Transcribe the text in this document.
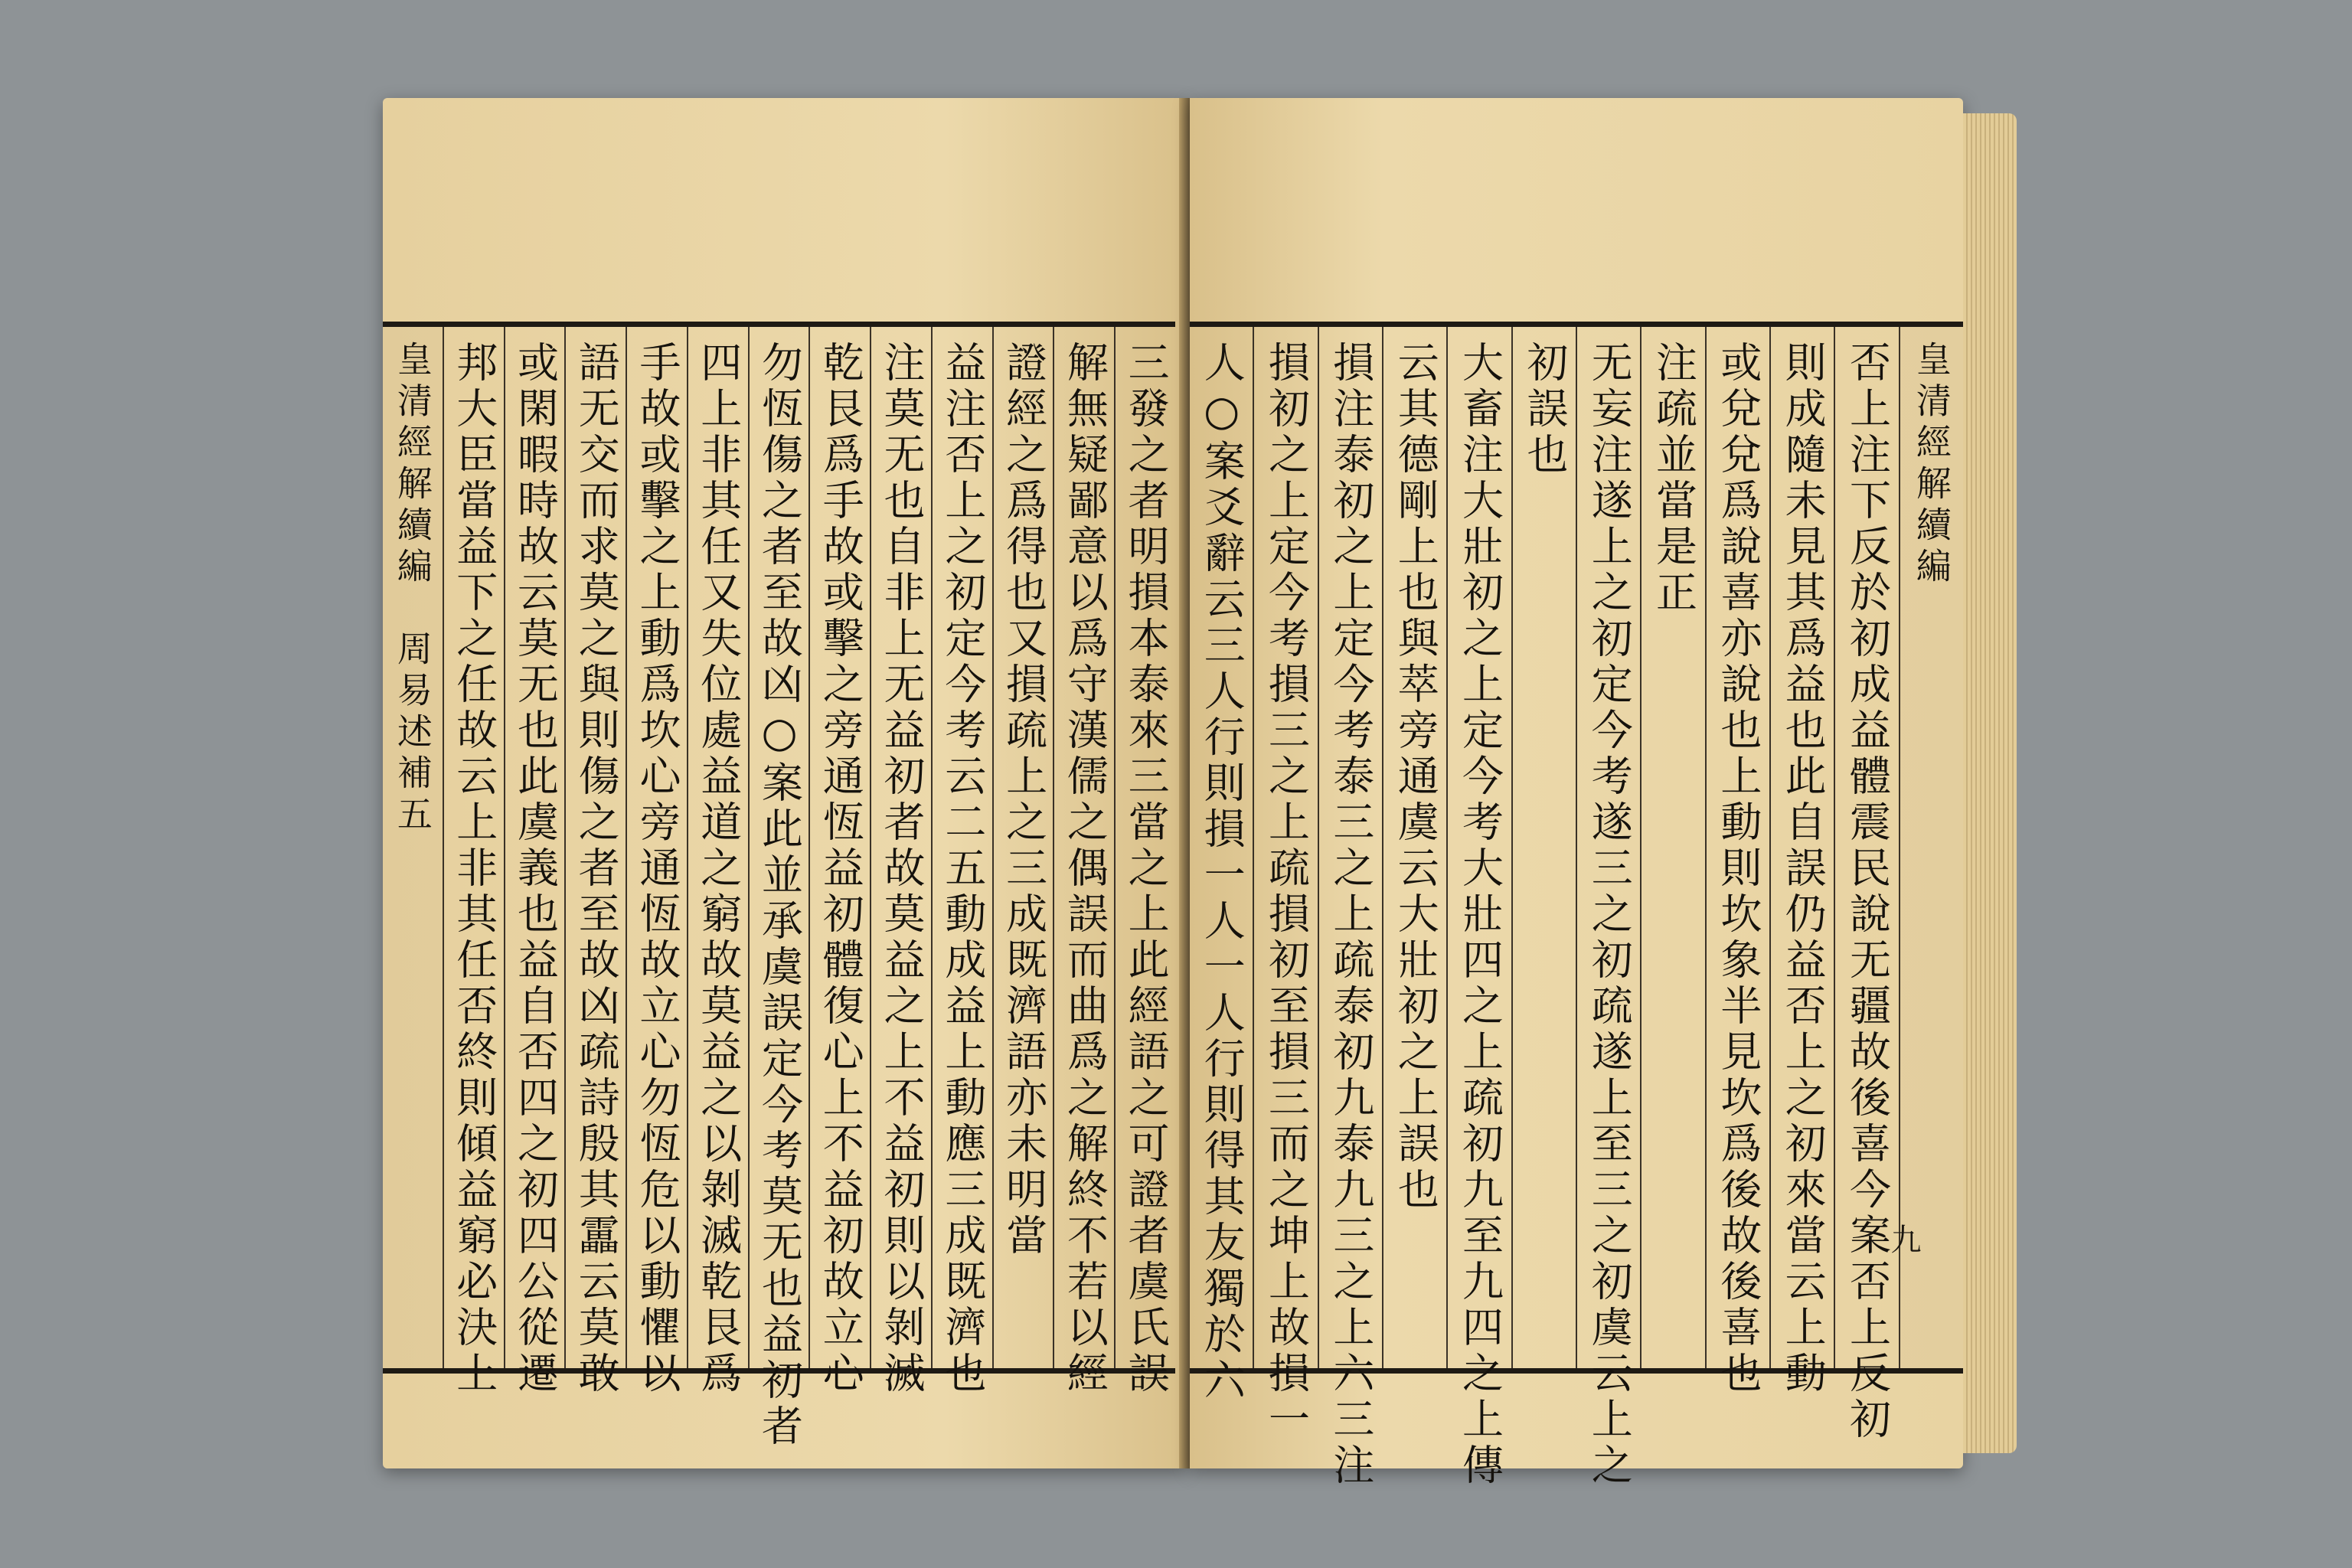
三發之者明損本泰來三當之上此經語之可證者虞氏誤
解無疑鄙意以爲守漢儒之偶誤而曲爲之解終不若以經
證經之爲得也又損疏上之三成既濟語亦未明當
益注否上之初定今考云二五動成益上動應三成既濟也
注莫无也自非上无益初者故莫益之上不益初則以剝滅
乾艮爲手故或擊之旁通恆益初體復心上不益初故立心
勿恆傷之者至故凶○案此並承虞誤定今考莫无也益初者
四上非其任又失位處益道之窮故莫益之以剝滅乾艮爲
手故或擊之上動爲坎心旁通恆故立心勿恆危以動懼以
語无交而求莫之與則傷之者至故凶疏詩殷其靁云莫敢
或閑暇時故云莫无也此虞義也益自否四之初四公從遷
邦大臣當益下之任故云上非其任否終則傾益窮必決上
皇清經解續編　周易述補五
皇清經解續編
否上注下反於初成益體震民說无疆故後喜今案否上反初
則成隨未見其爲益也此自誤仍益否上之初來當云上動
或兌兌爲說喜亦說也上動則坎象半見坎爲後故後喜也
注疏並當是正
无妄注遂上之初定今考遂三之初疏遂上至三之初虞云上之
初誤也
大畜注大壯初之上定今考大壯四之上疏初九至九四之上傳
云其德剛上也與萃旁通虞云大壯初之上誤也
損注泰初之上定今考泰三之上疏泰初九泰九三之上六三注
損初之上定今考損三之上疏損初至損三而之坤上故損一
人○案爻辭云三人行則損一人一人行則得其友獨於六	九
